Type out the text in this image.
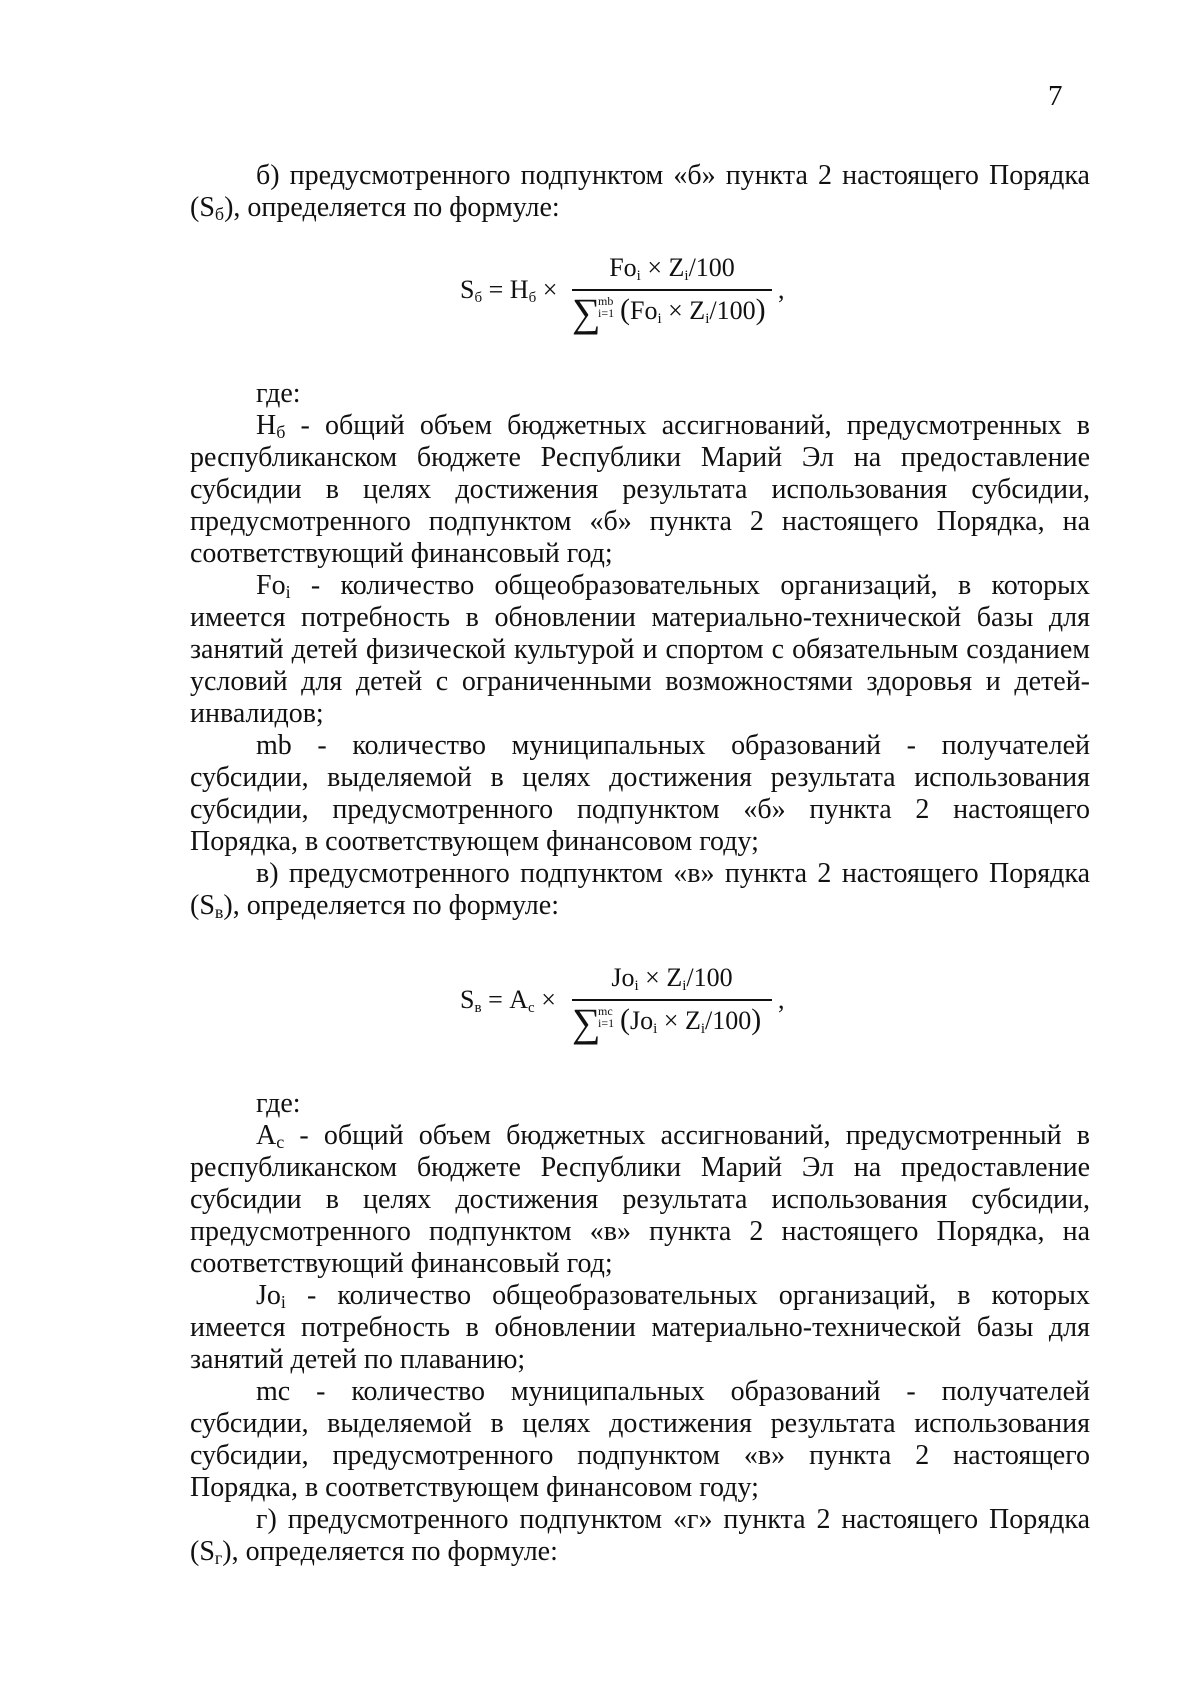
7

б) предусмотренного подпунктом «б» пункта 2 настоящего Порядка $(S_б)$, определяется по формуле:

Sб = Hб ×
Foi × Zi/100
∑
mb
i=1 (Foi × Zi/100)
,

где:

$H_б$ - общий объем бюджетных ассигнований, предусмотренных в республиканском бюджете Республики Марий Эл на предоставление субсидии в целях достижения результата использования субсидии, предусмотренного подпунктом «б» пункта 2 настоящего Порядка, на соответствующий финансовый год;

$Fo_i$ - количество общеобразовательных организаций, в которых имеется потребность в обновлении материально-технической базы для занятий детей физической культурой и спортом с обязательным созданием условий для детей с ограниченными возможностями здоровья и детей-инвалидов;

mb - количество муниципальных образований - получателей субсидии, выделяемой в целях достижения результата использования субсидии, предусмотренного подпунктом «б» пункта 2 настоящего Порядка, в соответствующем финансовом году;

в) предусмотренного подпунктом «в» пункта 2 настоящего Порядка $(S_в)$, определяется по формуле:

Sв = Ac ×
Joi × Zi/100
∑
mc
i=1 (Joi × Zi/100)
,

где:

$A_c$ - общий объем бюджетных ассигнований, предусмотренный в республиканском бюджете Республики Марий Эл на предоставление субсидии в целях достижения результата использования субсидии, предусмотренного подпунктом «в» пункта 2 настоящего Порядка, на соответствующий финансовый год;

$Jo_i$ - количество общеобразовательных организаций, в которых имеется потребность в обновлении материально-технической базы для занятий детей по плаванию;

mc - количество муниципальных образований - получателей субсидии, выделяемой в целях достижения результата использования субсидии, предусмотренного подпунктом «в» пункта 2 настоящего Порядка, в соответствующем финансовом году;

г) предусмотренного подпунктом «г» пункта 2 настоящего Порядка $(S_г)$, определяется по формуле:
